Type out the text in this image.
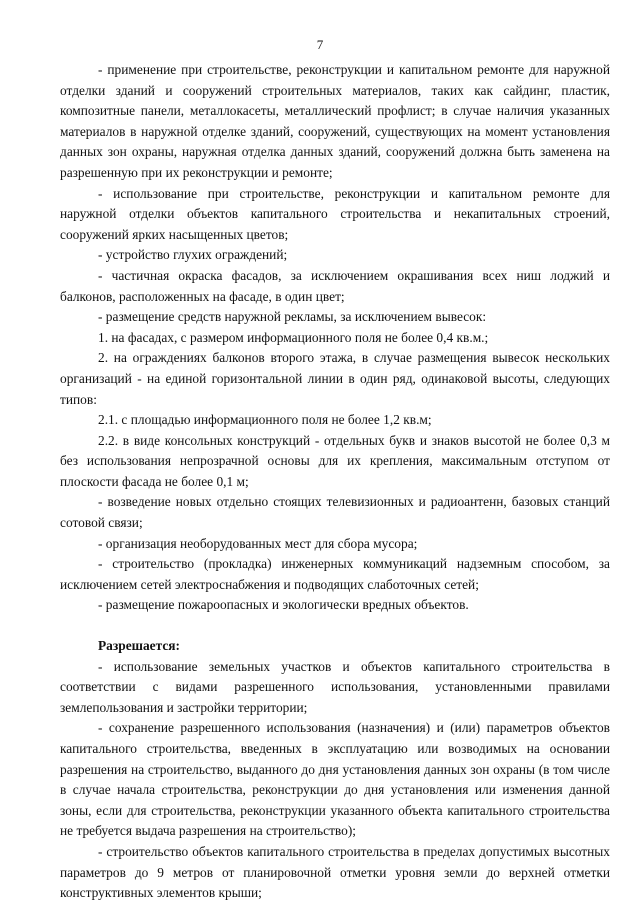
7

- применение при строительстве, реконструкции и капитальном ремонте для наружной отделки зданий и сооружений строительных материалов, таких как сайдинг, пластик, композитные панели, металлокасеты, металлический профлист; в случае наличия указанных материалов в наружной отделке зданий, сооружений, существующих на момент установления данных зон охраны, наружная отделка данных зданий, сооружений должна быть заменена на разрешенную при их реконструкции и ремонте;

- использование при строительстве, реконструкции и капитальном ремонте для наружной отделки объектов капитального строительства и некапитальных строений, сооружений ярких насыщенных цветов;

- устройство глухих ограждений;

- частичная окраска фасадов, за исключением окрашивания всех ниш лоджий и балконов, расположенных на фасаде, в один цвет;

- размещение средств наружной рекламы, за исключением вывесок:

1. на фасадах, с размером информационного поля не более 0,4 кв.м.;

2. на ограждениях балконов второго этажа, в случае размещения вывесок нескольких организаций - на единой горизонтальной линии в один ряд, одинаковой высоты, следующих типов:

2.1. с площадью информационного поля не более 1,2 кв.м;

2.2. в виде консольных конструкций - отдельных букв и знаков высотой не более 0,3 м без использования непрозрачной основы для их крепления, максимальным отступом от плоскости фасада не более 0,1 м;

- возведение новых отдельно стоящих телевизионных и радиоантенн, базовых станций сотовой связи;

- организация необорудованных мест для сбора мусора;

- строительство (прокладка) инженерных коммуникаций надземным способом, за исключением сетей электроснабжения и подводящих слаботочных сетей;

- размещение пожароопасных и экологически вредных объектов.

Разрешается:

- использование земельных участков и объектов капитального строительства в соответствии с видами разрешенного использования, установленными правилами землепользования и застройки территории;

- сохранение разрешенного использования (назначения) и (или) параметров объектов капитального строительства, введенных в эксплуатацию или возводимых на основании разрешения на строительство, выданного до дня установления данных зон охраны (в том числе в случае начала строительства, реконструкции до дня установления или изменения данной зоны, если для строительства, реконструкции указанного объекта капитального строительства не требуется выдача разрешения на строительство);

- строительство объектов капитального строительства в пределах допустимых высотных параметров до 9 метров от планировочной отметки уровня земли до верхней отметки конструктивных элементов крыши;
